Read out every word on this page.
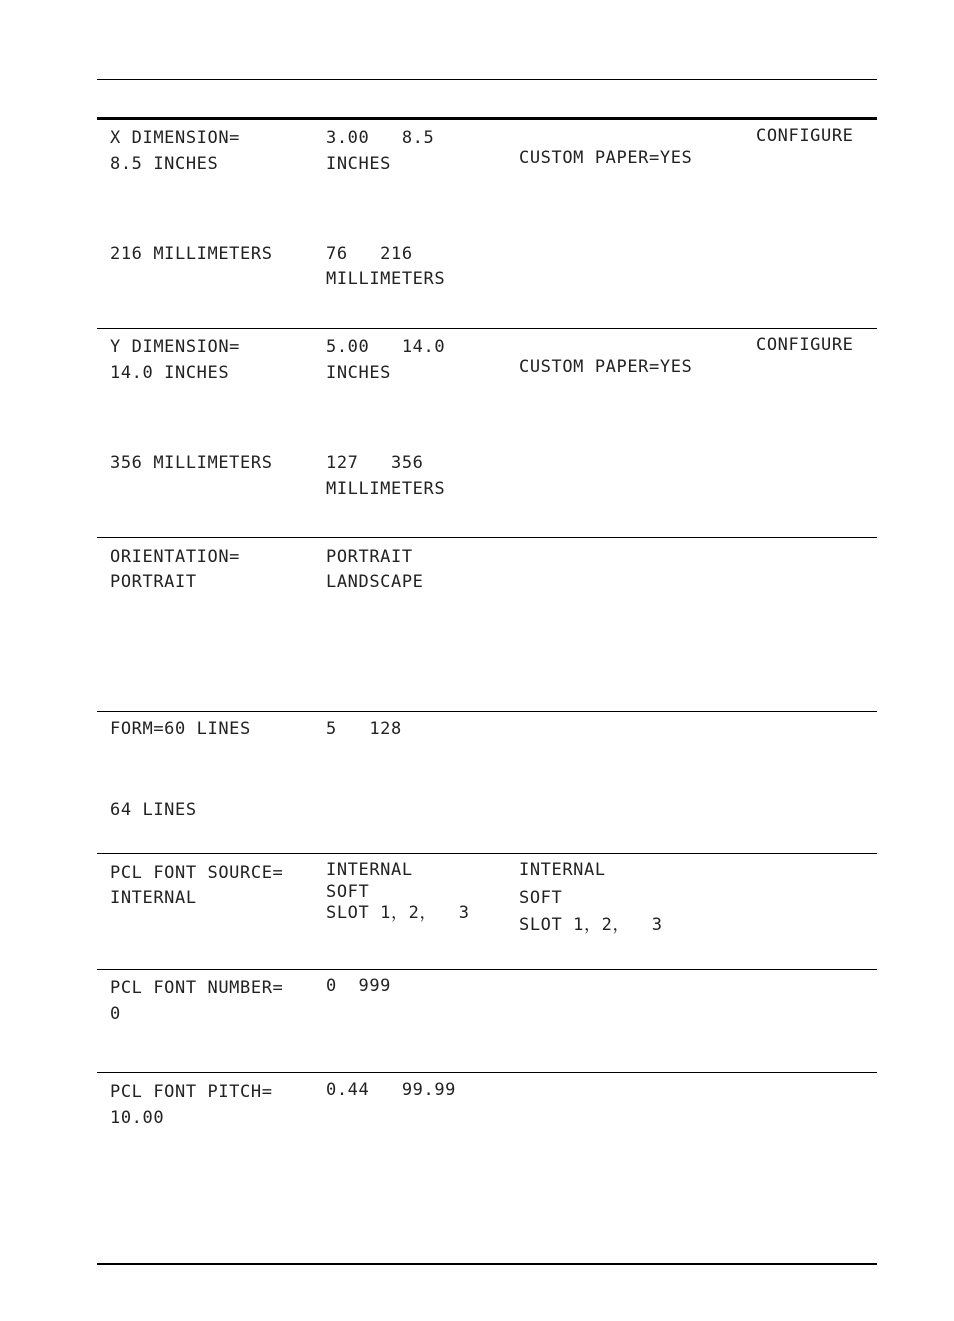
X DIMENSION=
8.5 INCHES
216 MILLIMETERS
3.00   8.5
INCHES
76   216
MILLIMETERS
CUSTOM PAPER=YES
CONFIGURE
Y DIMENSION=
14.0 INCHES
356 MILLIMETERS
5.00   14.0
INCHES
127   356
MILLIMETERS
CUSTOM PAPER=YES
CONFIGURE
ORIENTATION=
PORTRAIT
PORTRAIT
LANDSCAPE
FORM=60 LINES
64 LINES
5   128
PCL FONT SOURCE=
INTERNAL
INTERNAL
SOFT
SLOT 1，2，  3
INTERNAL
SOFT
SLOT 1，2，  3
PCL FONT NUMBER=
0
0  999
PCL FONT PITCH=
10.00
0.44   99.99
